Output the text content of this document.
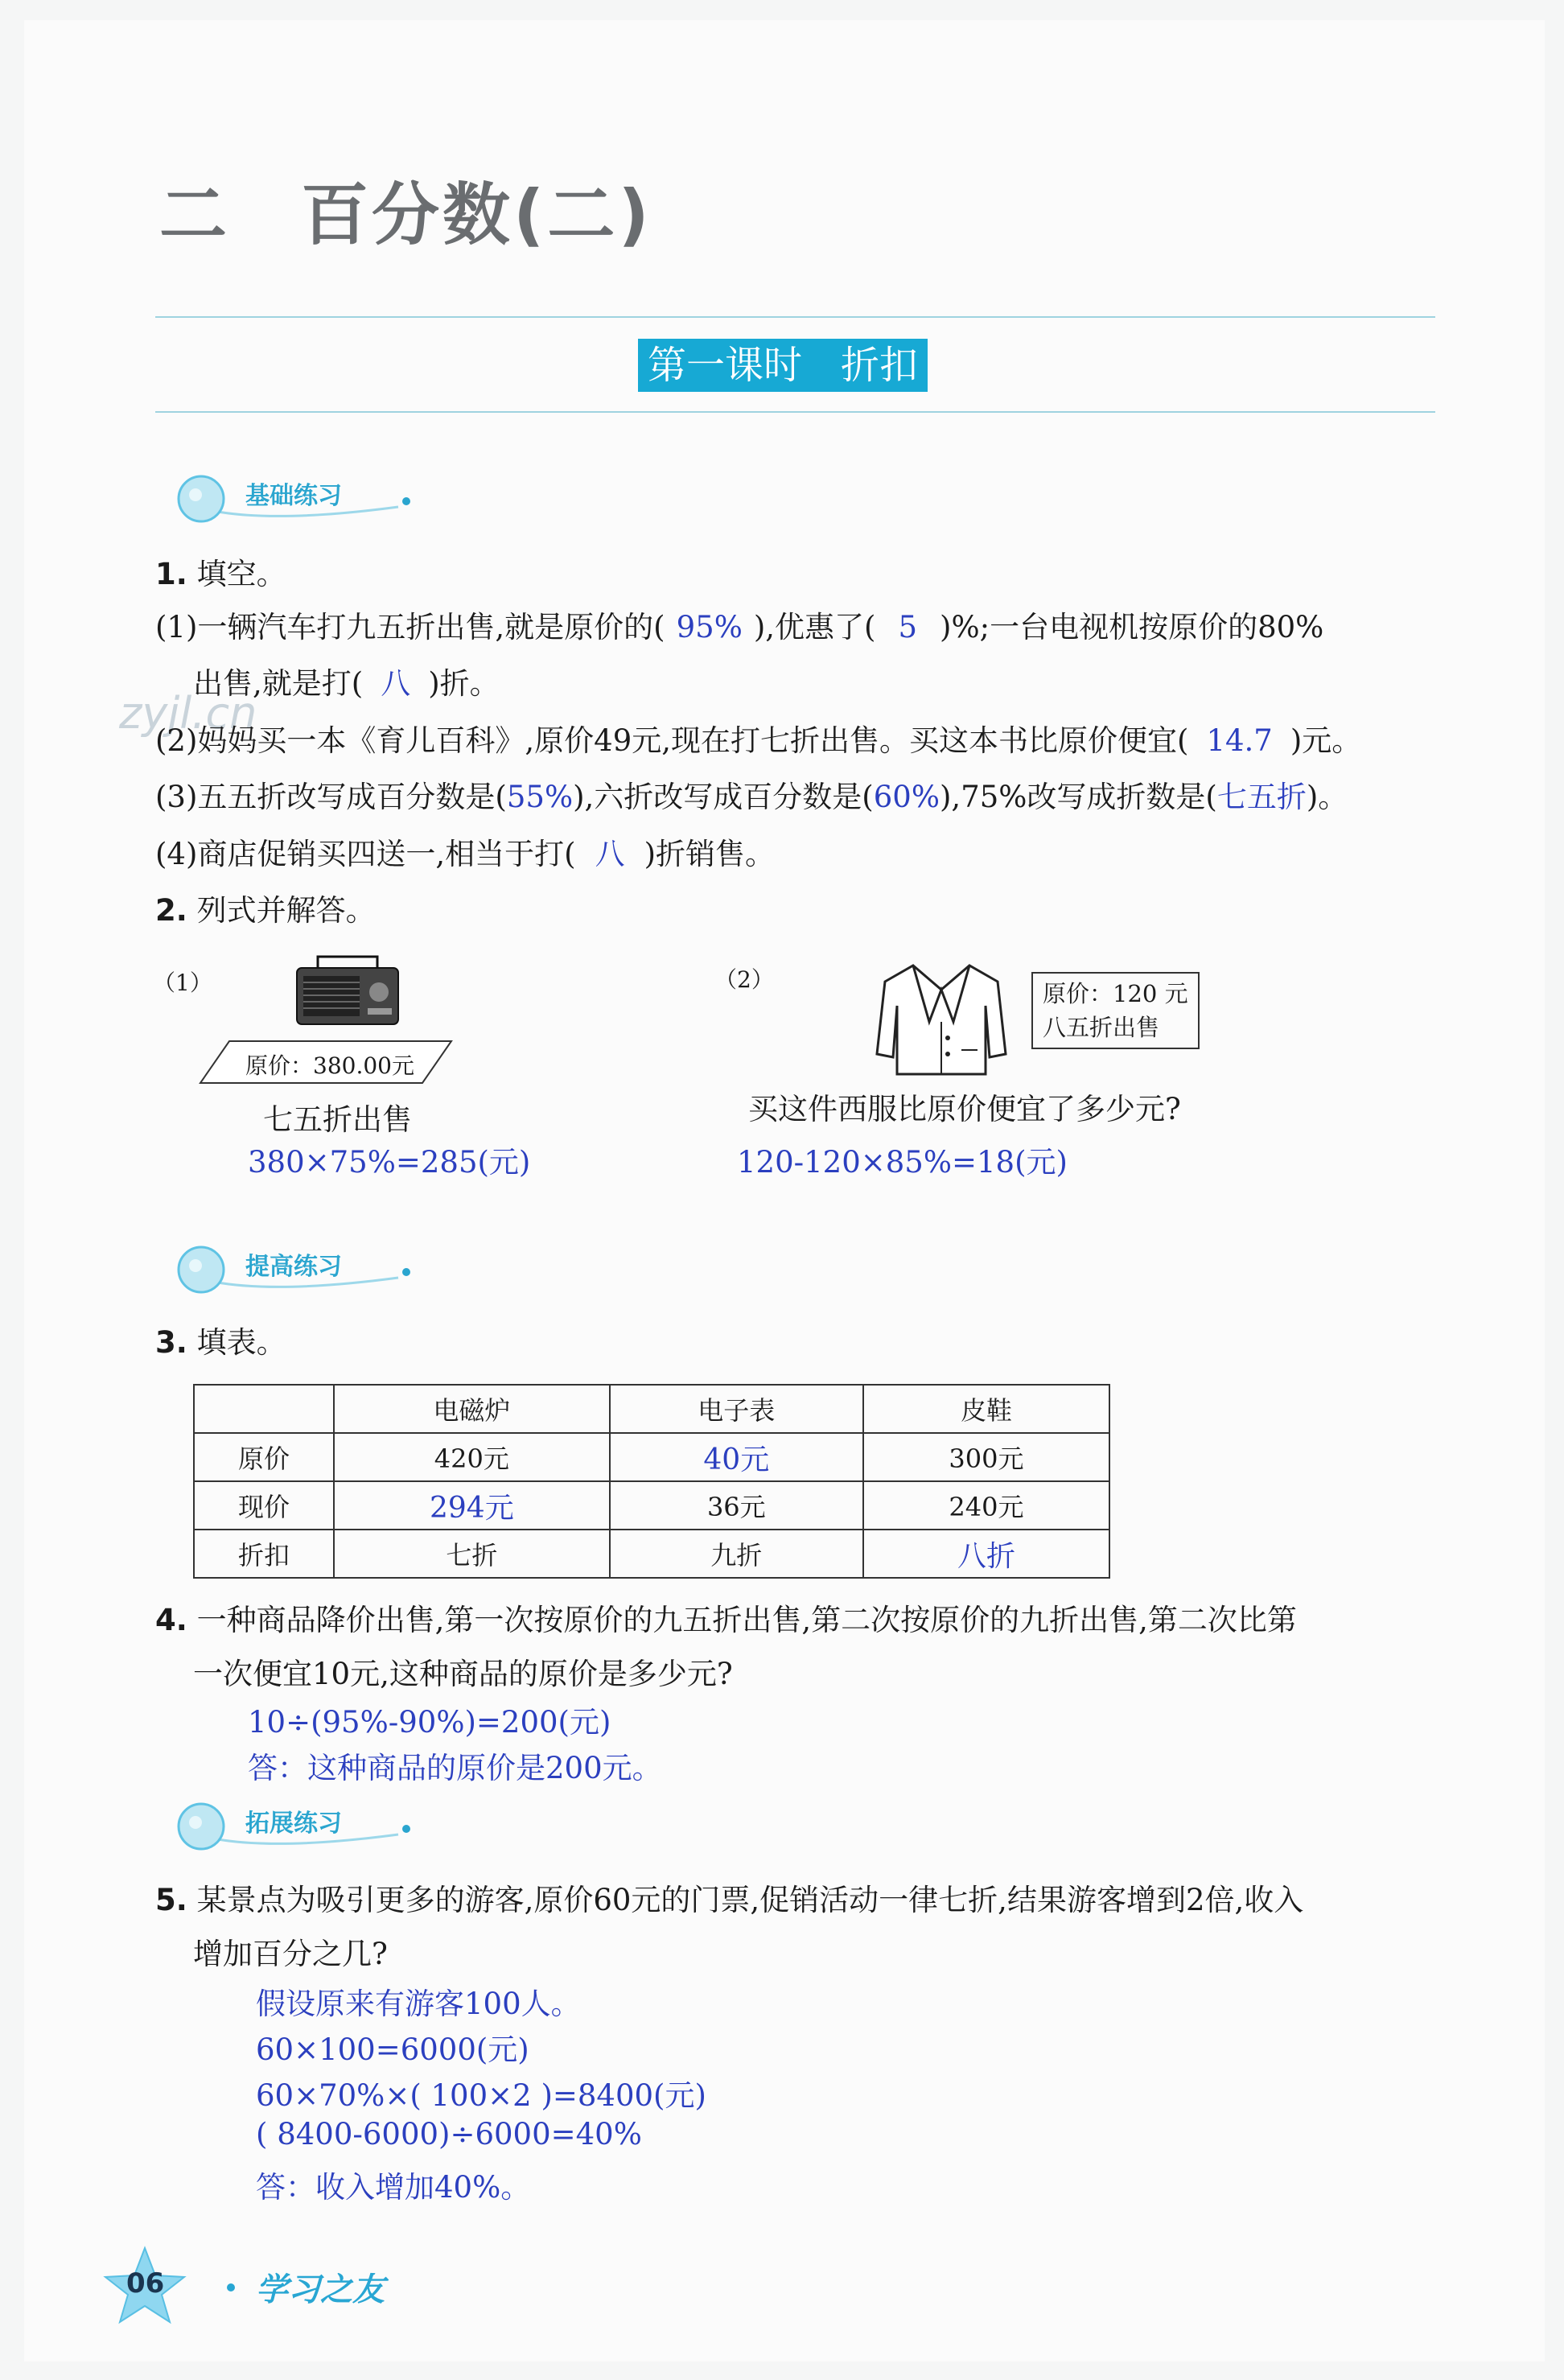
二　百分数(二)
第一课时　折扣
基础练习
zyjl.cn
1. 填空。
(1)一辆汽车打九五折出售,就是原价的( 95% ),优惠了( 5 )%;一台电视机按原价的80%
出售,就是打( 八 )折。
(2)妈妈买一本《育儿百科》,原价49元,现在打七折出售。买这本书比原价便宜( 14.7 )元。
(3)五五折改写成百分数是(55%),六折改写成百分数是(60%),75%改写成折数是(七五折)。
(4)商店促销买四送一,相当于打( 八 )折销售。
2. 列式并解答。
（1）
原价：380.00元
七五折出售
380×75%=285(元)
（2）
原价：120 元
八五折出售
买这件西服比原价便宜了多少元?
120-120×85%=18(元)
提高练习
3. 填表。
	电磁炉	电子表	皮鞋
原价	420元	40元	300元
现价	294元	36元	240元
折扣	七折	九折	八折
4. 一种商品降价出售,第一次按原价的九五折出售,第二次按原价的九折出售,第二次比第
一次便宜10元,这种商品的原价是多少元?
10÷(95%-90%)=200(元)
答：这种商品的原价是200元。
拓展练习
5. 某景点为吸引更多的游客,原价60元的门票,促销活动一律七折,结果游客增到2倍,收入
增加百分之几?
假设原来有游客100人。
60×100=6000(元)
60×70%×( 100×2 )=8400(元)
( 8400-6000)÷6000=40%
答：收入增加40%。
06	学习之友
